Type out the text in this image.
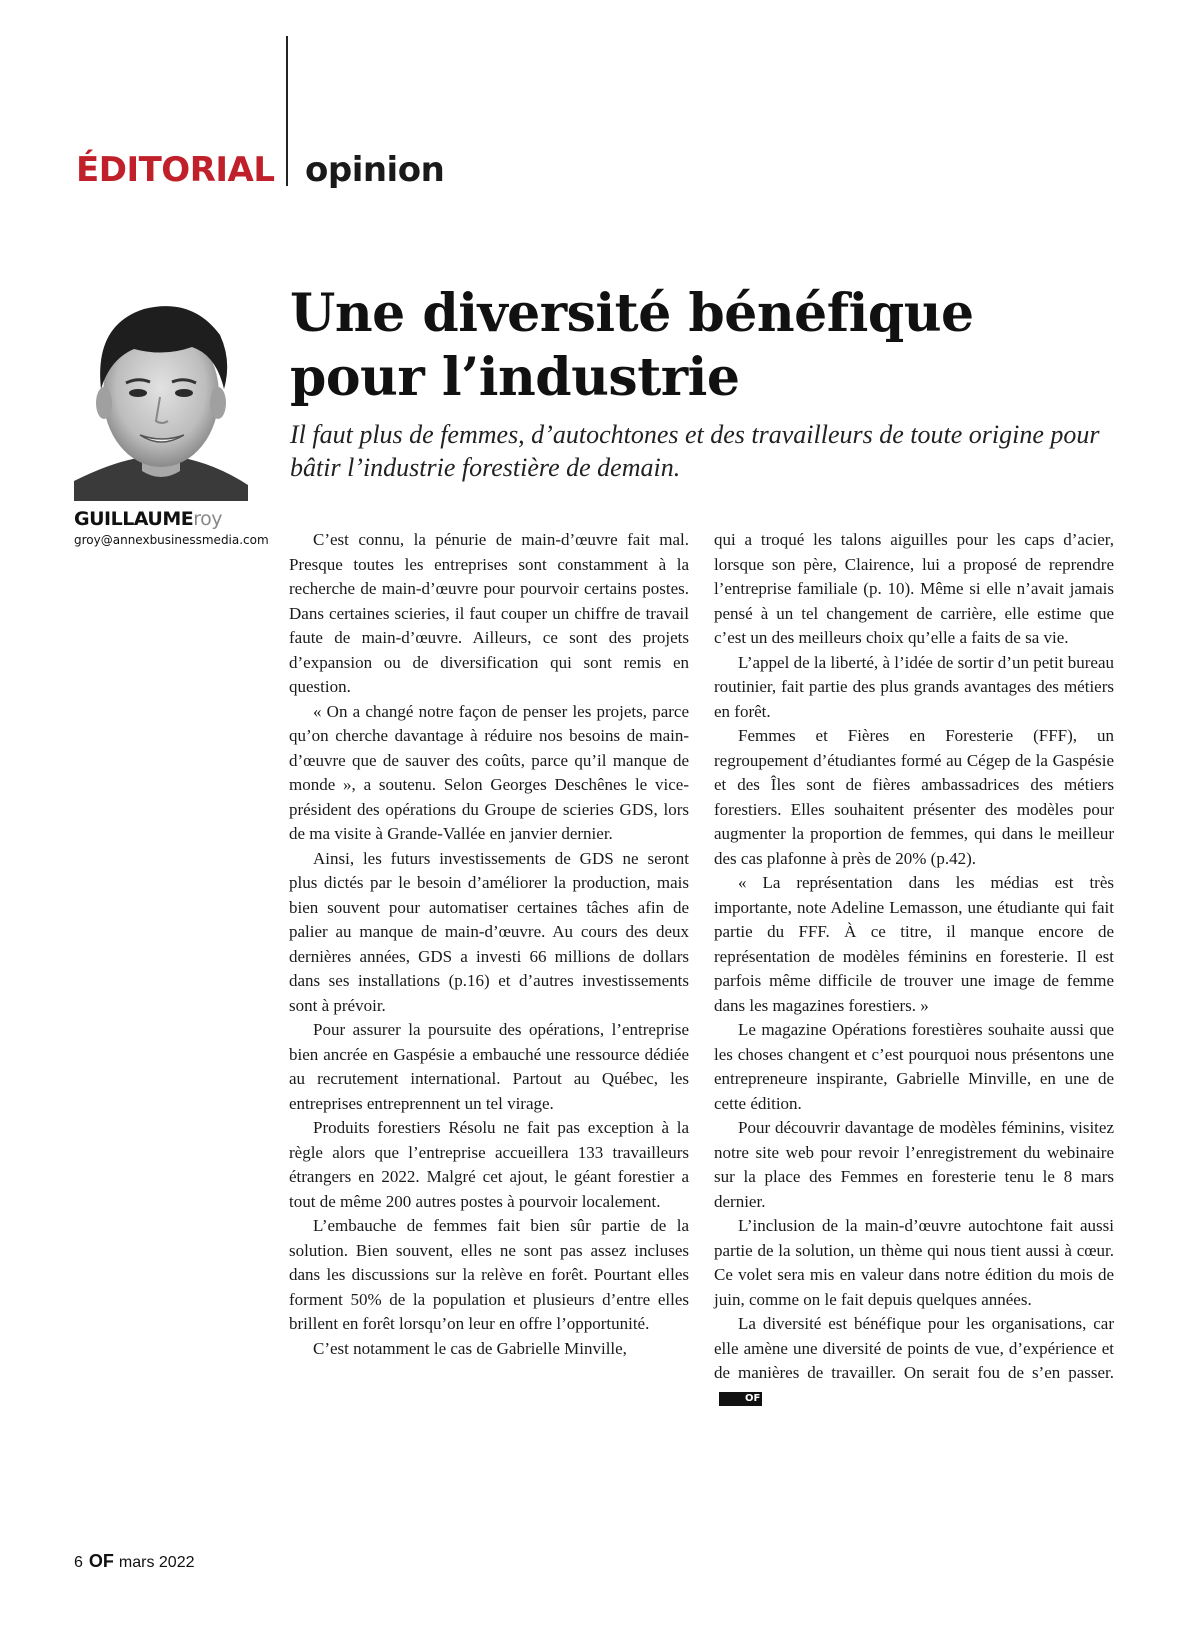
ÉDITORIAL opinion
GUILLAUMEroy
groy@annexbusinessmedia.com
Une diversité bénéfique
pour l’industrie
Il faut plus de femmes, d’autochtones et des travailleurs de toute origine pour bâtir l’industrie forestière de demain.

C’est connu, la pénurie de main-d’œuvre fait mal. Presque toutes les entreprises sont constamment à la recherche de main-d’œuvre pour pourvoir certains postes. Dans certaines scieries, il faut couper un chiffre de travail faute de main-d’œuvre. Ailleurs, ce sont des projets d’expansion ou de diversification qui sont remis en question.

« On a changé notre façon de penser les projets, parce qu’on cherche davantage à réduire nos besoins de main-d’œuvre que de sauver des coûts, parce qu’il manque de monde », a soutenu. Selon Georges Deschênes le vice-président des opérations du Groupe de scieries GDS, lors de ma visite à Grande-Vallée en janvier dernier.

Ainsi, les futurs investissements de GDS ne seront plus dictés par le besoin d’améliorer la production, mais bien souvent pour automatiser certaines tâches afin de palier au manque de main-d’œuvre. Au cours des deux dernières années, GDS a investi 66 millions de dollars dans ses installations (p.16) et d’autres investissements sont à prévoir.

Pour assurer la poursuite des opérations, l’entreprise bien ancrée en Gaspésie a embauché une ressource dédiée au recrutement international. Partout au Québec, les entreprises entreprennent un tel virage.

Produits forestiers Résolu ne fait pas exception à la règle alors que l’entreprise accueillera 133 travailleurs étrangers en 2022. Malgré cet ajout, le géant forestier a tout de même 200 autres postes à pourvoir localement.

L’embauche de femmes fait bien sûr partie de la solution. Bien souvent, elles ne sont pas assez incluses dans les discussions sur la relève en forêt. Pourtant elles forment 50% de la population et plusieurs d’entre elles brillent en forêt lorsqu’on leur en offre l’opportunité.

C’est notamment le cas de Gabrielle Minville,

qui a troqué les talons aiguilles pour les caps d’acier, lorsque son père, Clairence, lui a proposé de reprendre l’entreprise familiale (p. 10). Même si elle n’avait jamais pensé à un tel changement de carrière, elle estime que c’est un des meilleurs choix qu’elle a faits de sa vie.

L’appel de la liberté, à l’idée de sortir d’un petit bureau routinier, fait partie des plus grands avantages des métiers en forêt.

Femmes et Fières en Foresterie (FFF), un regroupement d’étudiantes formé au Cégep de la Gaspésie et des Îles sont de fières ambassadrices des métiers forestiers. Elles souhaitent présenter des modèles pour augmenter la proportion de femmes, qui dans le meilleur des cas plafonne à près de 20% (p.42).

« La représentation dans les médias est très importante, note Adeline Lemasson, une étudiante qui fait partie du FFF. À ce titre, il manque encore de représentation de modèles féminins en foresterie. Il est parfois même difficile de trouver une image de femme dans les magazines forestiers. »

Le magazine Opérations forestières souhaite aussi que les choses changent et c’est pourquoi nous présentons une entrepreneure inspirante, Gabrielle Minville, en une de cette édition.

Pour découvrir davantage de modèles féminins, visitez notre site web pour revoir l’enregistrement du webinaire sur la place des Femmes en foresterie tenu le 8 mars dernier.

L’inclusion de la main-d’œuvre autochtone fait aussi partie de la solution, un thème qui nous tient aussi à cœur. Ce volet sera mis en valeur dans notre édition du mois de juin, comme on le fait depuis quelques années.

La diversité est bénéfique pour les organisations, car elle amène une diversité de points de vue, d’expérience et de manières de travailler. On serait fou de s’en passer.OF

6 OF mars 2022
